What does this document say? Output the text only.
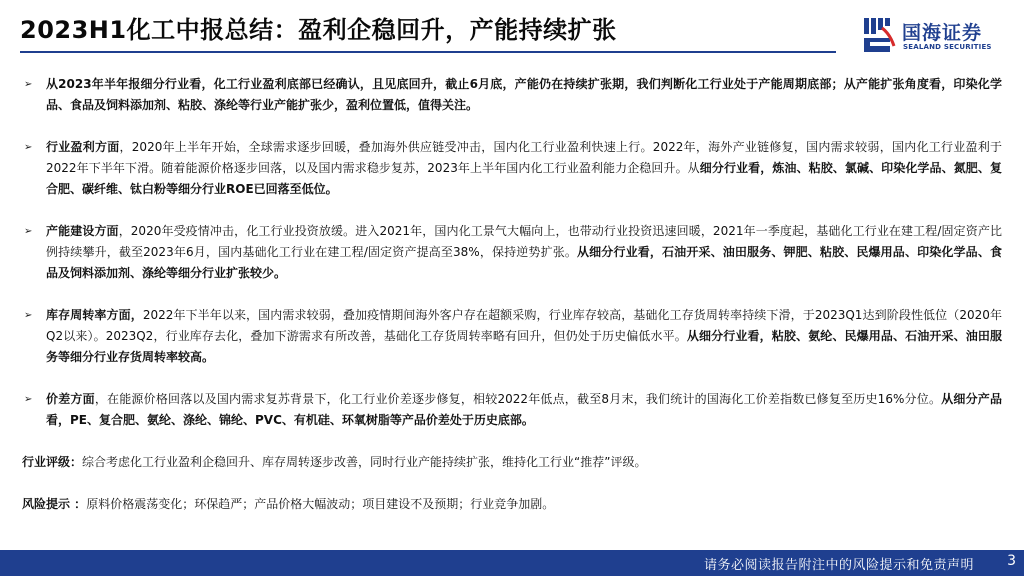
2023H1化工中报总结：盈利企稳回升，产能持续扩张	国海证券
SEALAND SECURITIES
➢ 从2023年半年报细分行业看，化工行业盈利底部已经确认，且见底回升，截止6月底，产能仍在持续扩张期，我们判断化工行业处于产能周期底部；从产能扩张角度看，印染化学品、食品及饲料添加剂、粘胶、涤纶等行业产能扩张少，盈利位置低，值得关注。
➢ 行业盈利方面，2020年上半年开始，全球需求逐步回暖，叠加海外供应链受冲击，国内化工行业盈利快速上行。2022年，海外产业链修复，国内需求较弱，国内化工行业盈利于2022年下半年下滑。随着能源价格逐步回落，以及国内需求稳步复苏，2023年上半年国内化工行业盈利能力企稳回升。从细分行业看，炼油、粘胶、氯碱、印染化学品、氮肥、复合肥、碳纤维、钛白粉等细分行业ROE已回落至低位。
➢ 产能建设方面，2020年受疫情冲击，化工行业投资放缓。进入2021年，国内化工景气大幅向上，也带动行业投资迅速回暖，2021年一季度起，基础化工行业在建工程/固定资产比例持续攀升，截至2023年6月，国内基础化工行业在建工程/固定资产提高至38%，保持逆势扩张。从细分行业看，石油开采、油田服务、钾肥、粘胶、民爆用品、印染化学品、食品及饲料添加剂、涤纶等细分行业扩张较少。
➢ 库存周转率方面，2022年下半年以来，国内需求较弱，叠加疫情期间海外客户存在超额采购，行业库存较高，基础化工存货周转率持续下滑，于2023Q1达到阶段性低位（2020年Q2以来）。2023Q2，行业库存去化，叠加下游需求有所改善，基础化工存货周转率略有回升，但仍处于历史偏低水平。从细分行业看，粘胶、氨纶、民爆用品、石油开采、油田服务等细分行业存货周转率较高。
➢ 价差方面，在能源价格回落以及国内需求复苏背景下，化工行业价差逐步修复，相较2022年低点，截至8月末，我们统计的国海化工价差指数已修复至历史16%分位。从细分产品看，PE、复合肥、氨纶、涤纶、锦纶、PVC、有机硅、环氧树脂等产品价差处于历史底部。
行业评级：综合考虑化工行业盈利企稳回升、库存周转逐步改善，同时行业产能持续扩张，维持化工行业“推荐”评级。
风险提示 ：原料价格震荡变化；环保趋严；产品价格大幅波动；项目建设不及预期；行业竞争加剧。
请务必阅读报告附注中的风险提示和免责声明 3
